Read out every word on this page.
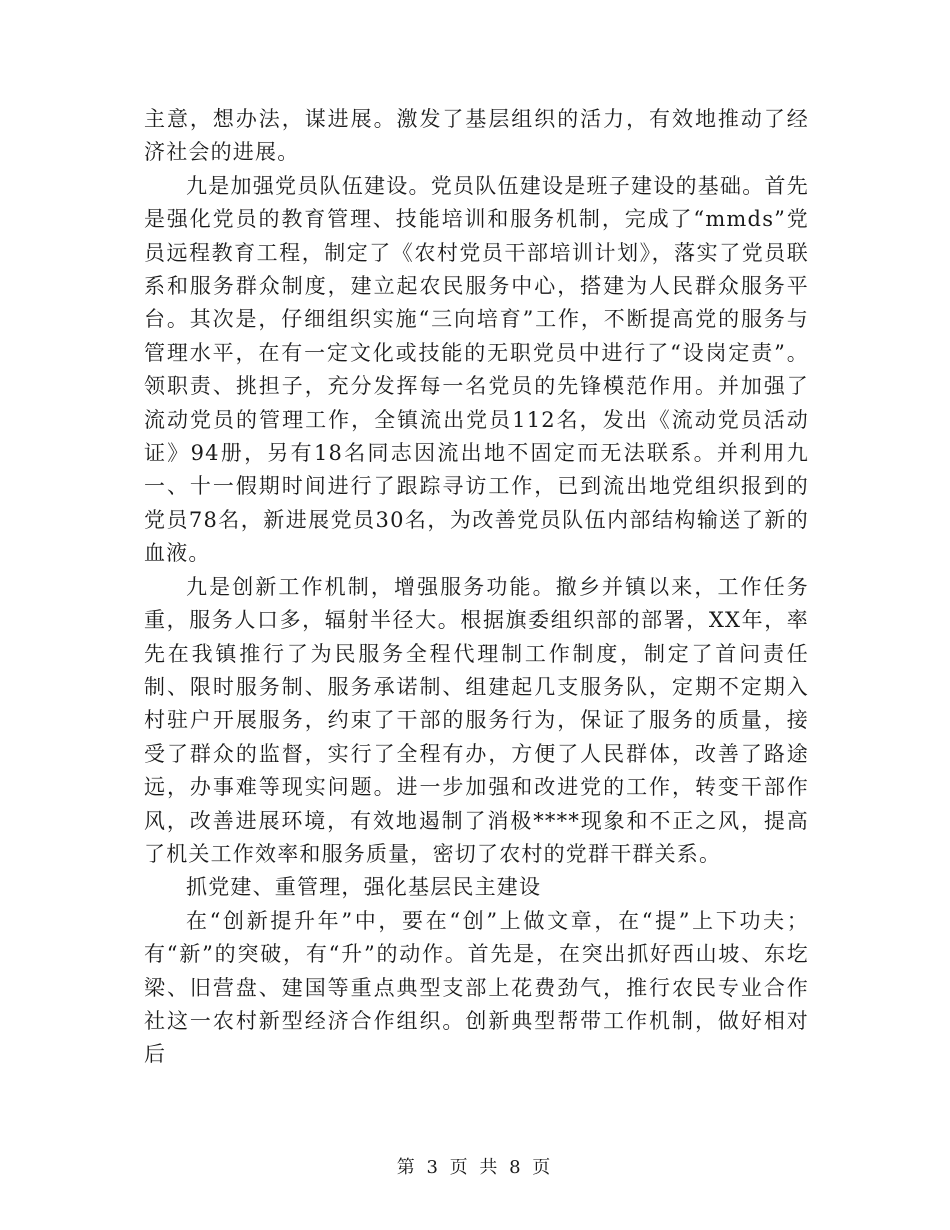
主意，想办法，谋进展。激发了基层组织的活力，有效地推动了经济社会的进展。

九是加强党员队伍建设。党员队伍建设是班子建设的基础。首先是强化党员的教育管理、技能培训和服务机制，完成了“mmds”党员远程教育工程，制定了《农村党员干部培训计划》，落实了党员联系和服务群众制度，建立起农民服务中心，搭建为人民群众服务平台。其次是，仔细组织实施“三向培育”工作，不断提高党的服务与管理水平，在有一定文化或技能的无职党员中进行了“设岗定责”。领职责、挑担子，充分发挥每一名党员的先锋模范作用。并加强了流动党员的管理工作，全镇流出党员112名，发出《流动党员活动证》94册，另有18名同志因流出地不固定而无法联系。并利用九一、十一假期时间进行了跟踪寻访工作，已到流出地党组织报到的党员78名，新进展党员30名，为改善党员队伍内部结构输送了新的血液。

九是创新工作机制，增强服务功能。撤乡并镇以来，工作任务重，服务人口多，辐射半径大。根据旗委组织部的部署，XX年，率先在我镇推行了为民服务全程代理制工作制度，制定了首问责任制、限时服务制、服务承诺制、组建起几支服务队，定期不定期入村驻户开展服务，约束了干部的服务行为，保证了服务的质量，接受了群众的监督，实行了全程有办，方便了人民群体，改善了路途远，办事难等现实问题。进一步加强和改进党的工作，转变干部作风，改善进展环境，有效地遏制了消极****现象和不正之风，提高了机关工作效率和服务质量，密切了农村的党群干群关系。

抓党建、重管理，强化基层民主建设

在“创新提升年”中，要在“创”上做文章，在“提”上下功夫；有“新”的突破，有“升”的动作。首先是，在突出抓好西山坡、东圪梁、旧营盘、建国等重点典型支部上花费劲气，推行农民专业合作社这一农村新型经济合作组织。创新典型帮带工作机制，做好相对后

第 3 页 共 8 页
